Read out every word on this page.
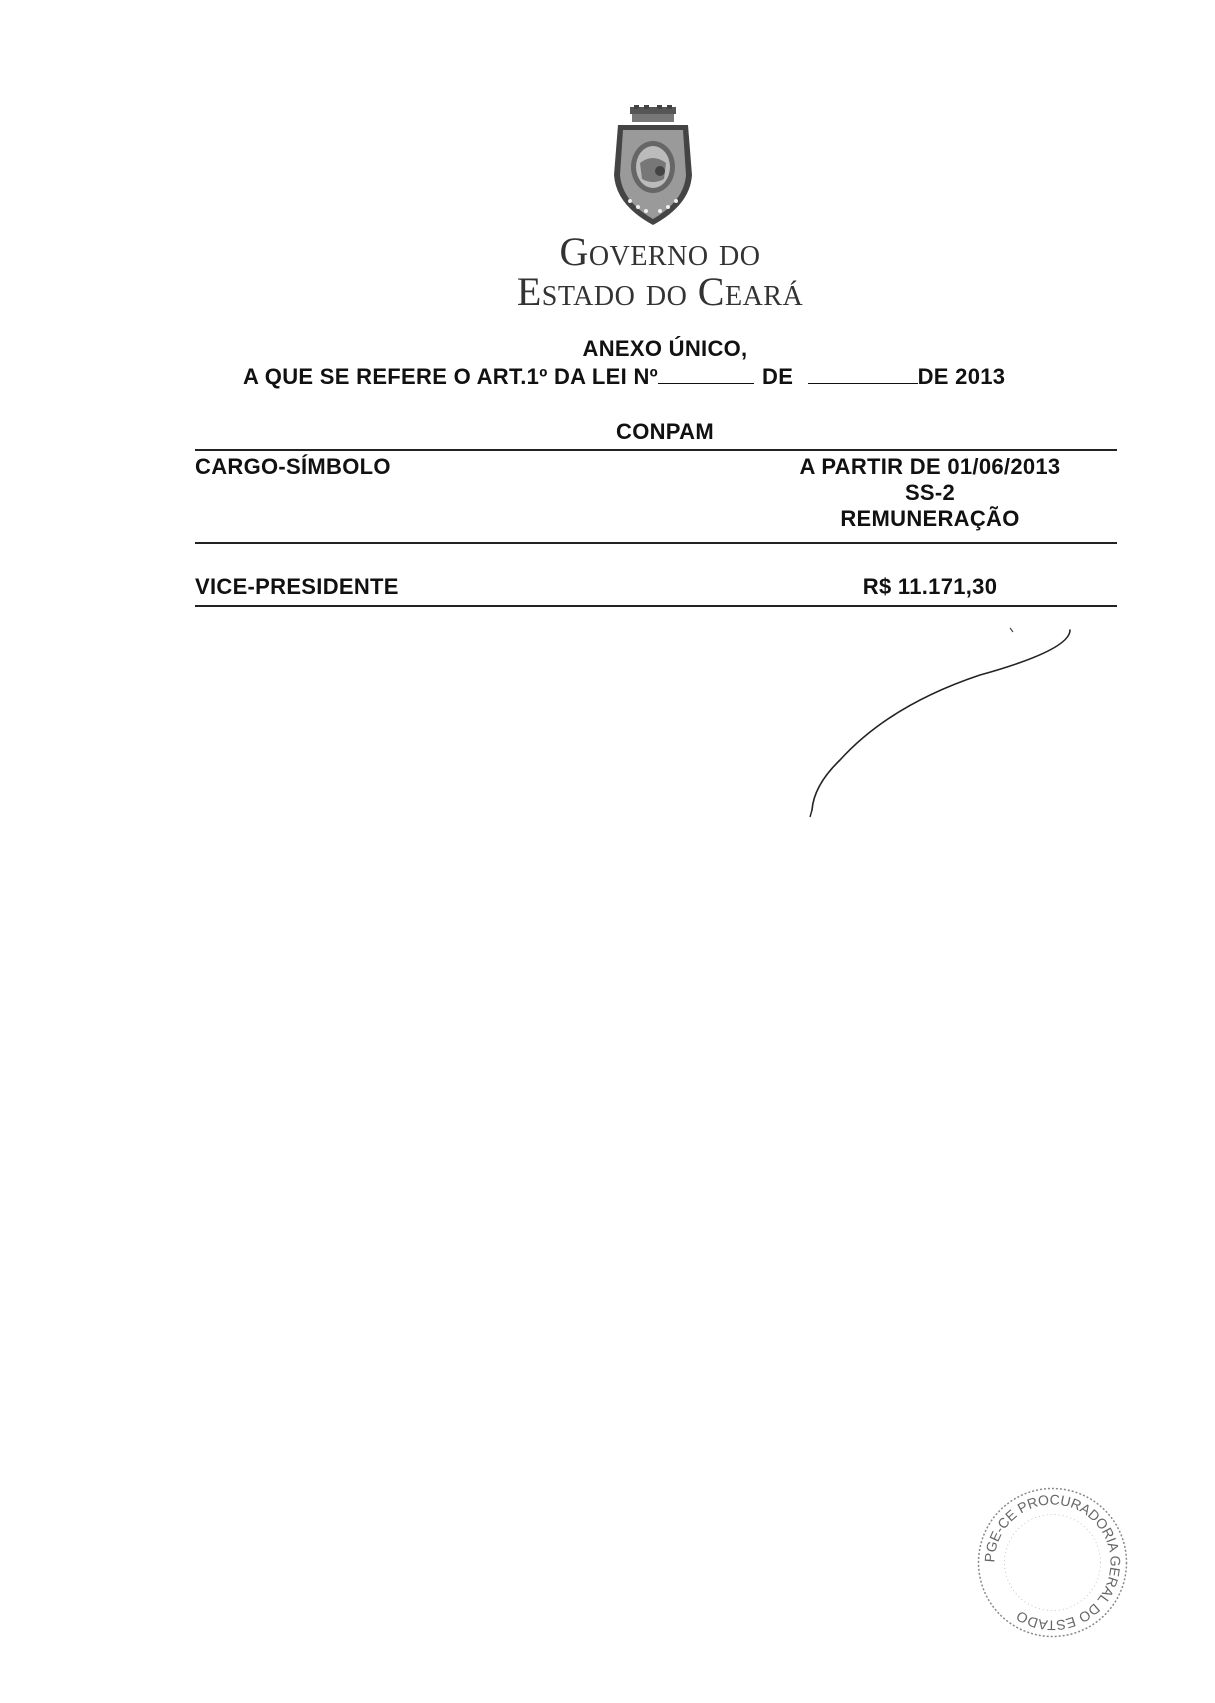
Governo do
Estado do Ceará
ANEXO ÚNICO,
A QUE SE REFERE O ART.1º DA LEI Nº	DE	DE 2013
CONPAM
CARGO-SÍMBOLO	A PARTIR DE 01/06/2013
SS-2
REMUNERAÇÃO
VICE-PRESIDENTE	R$ 11.171,30
PGE-CE PROCURADORIA GERAL DO ESTADO
